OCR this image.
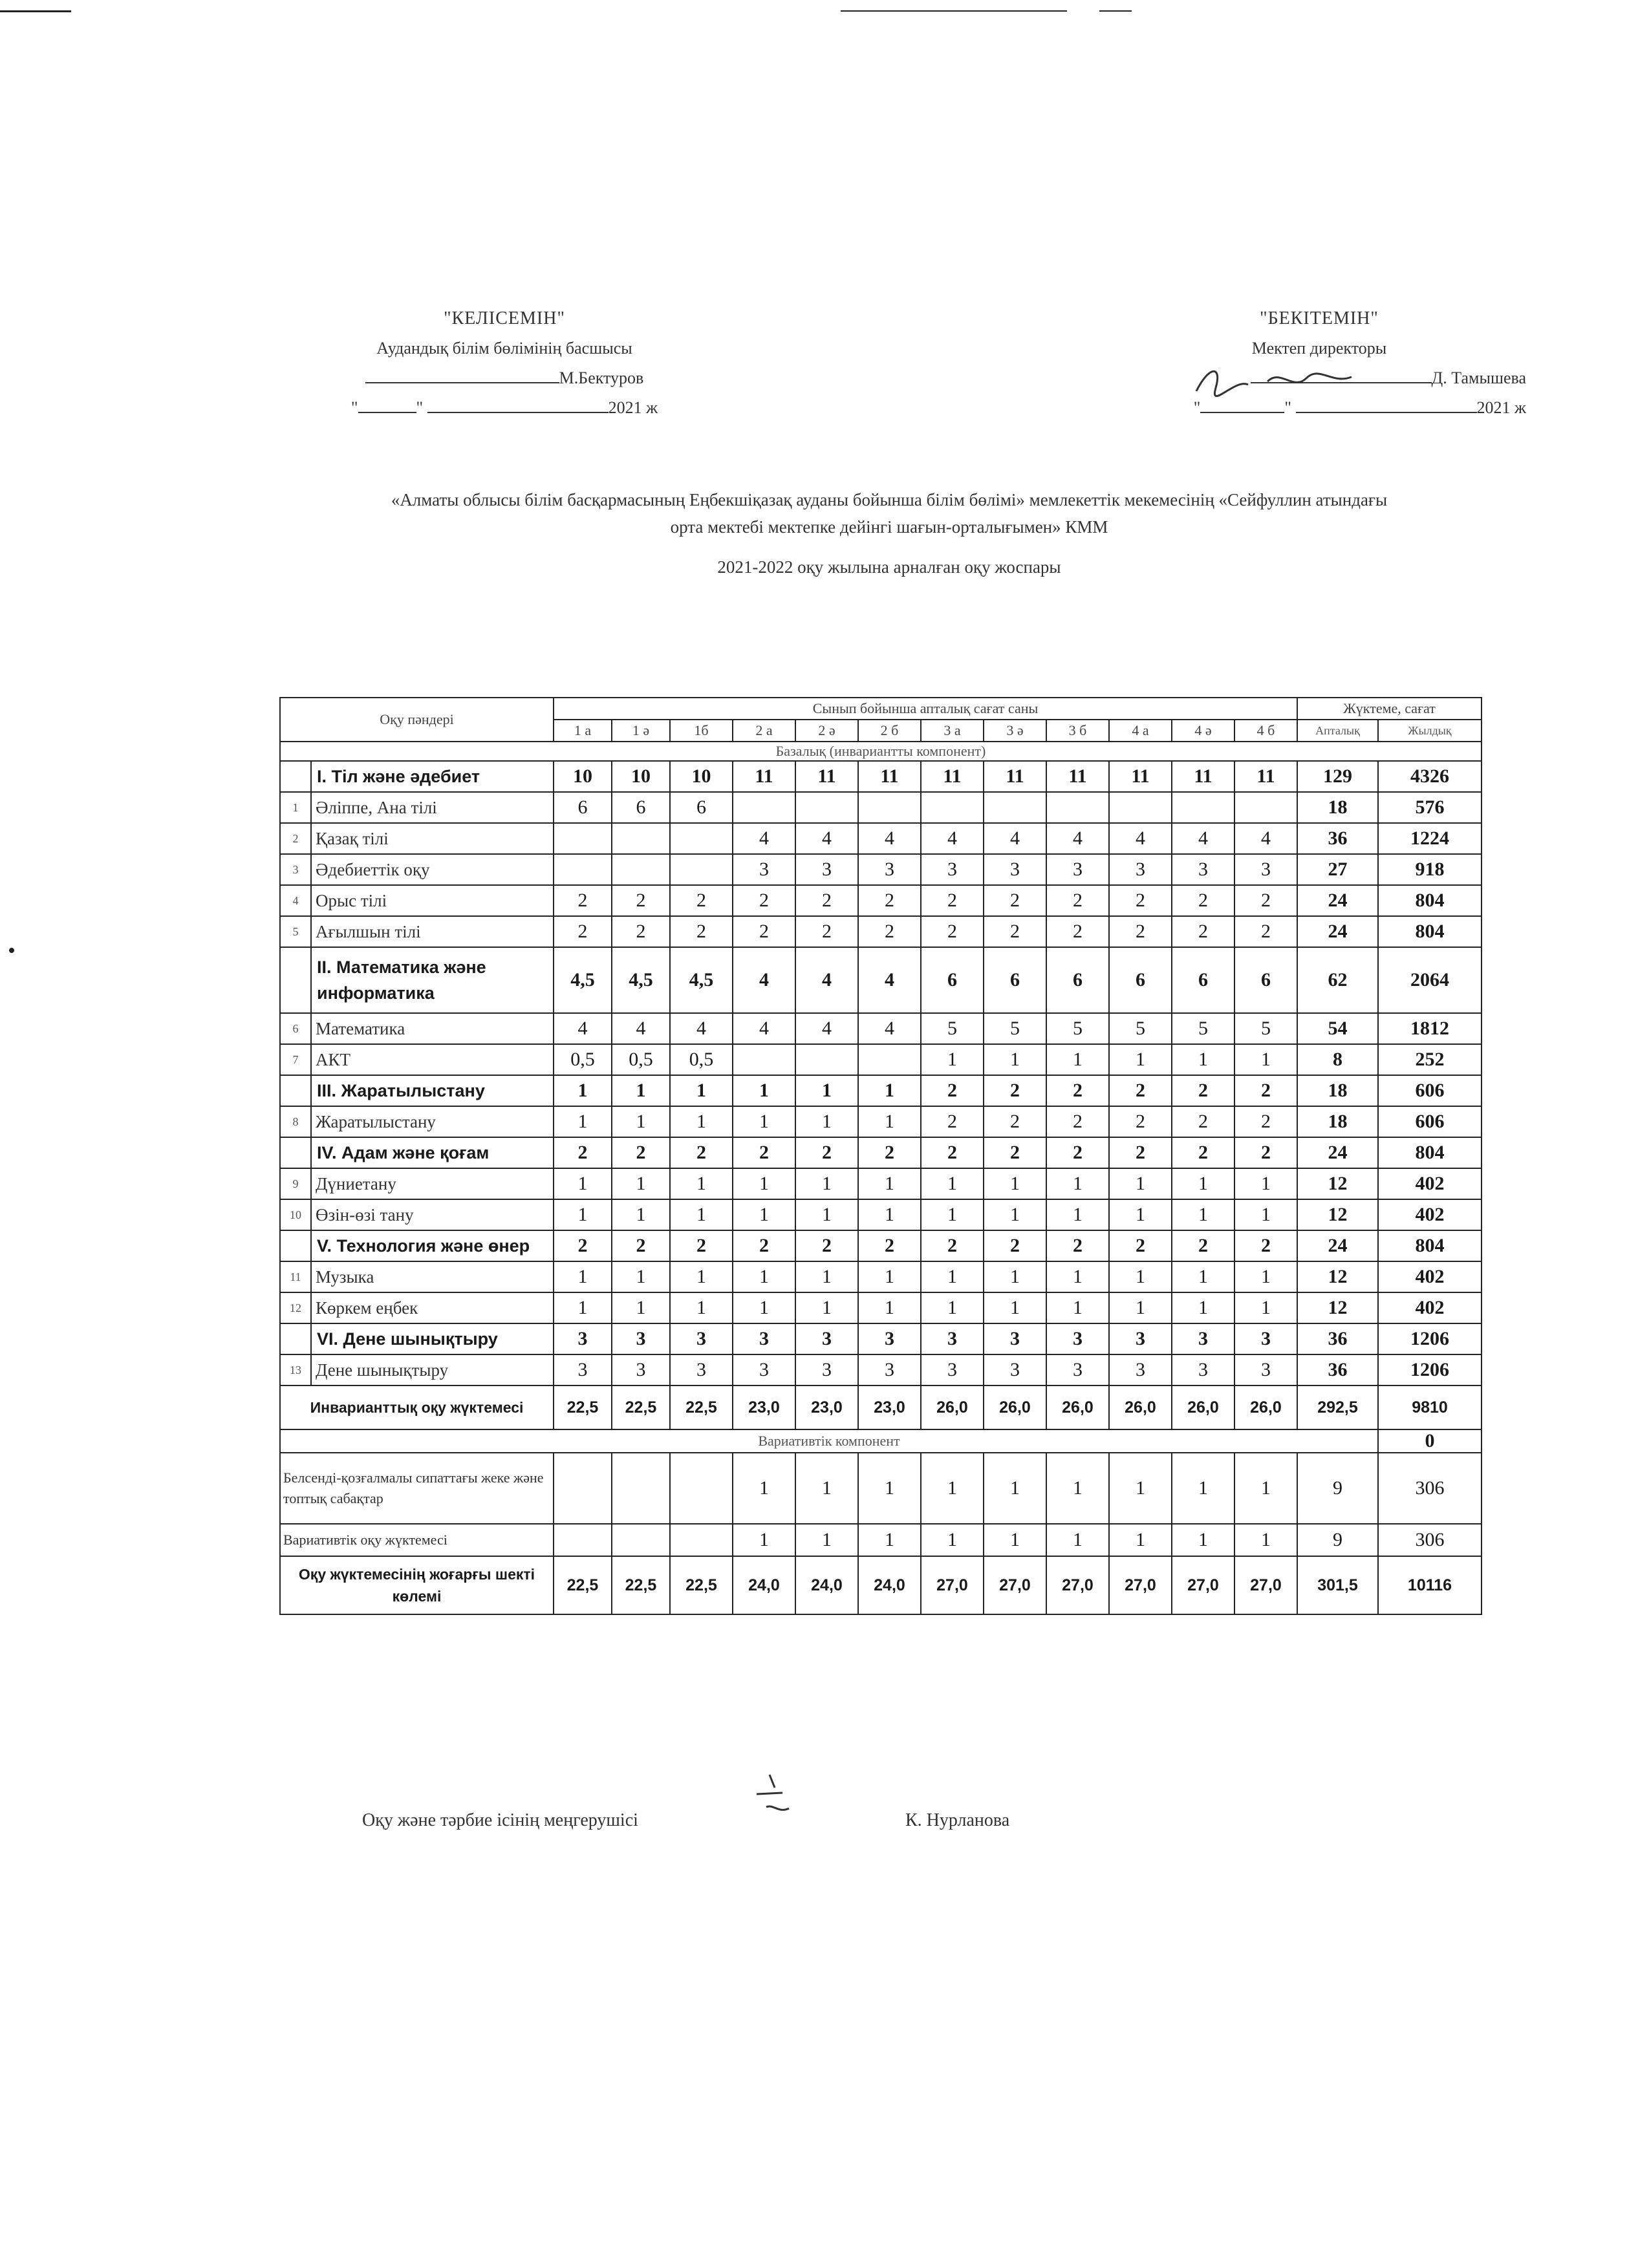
"КЕЛІСЕМІН"
Аудандық білім бөлімінің басшысы
М.Бектуров
"	"	2021 ж
"БЕКІТЕМІН"
Мектеп директоры
Д. Тамышева
"	"	2021 ж
«Алматы облысы білім басқармасының Еңбекшіқазақ ауданы бойынша білім бөлімі» мемлекеттік мекемесінің «Сейфуллин атындағы
орта мектебі мектепке дейінгі шағын-орталығымен» КММ
2021-2022 оқу жылына арналған оқу жоспары
Оқу пәндері		Сынып бойынша апталық сағат саны												Жүктеме, сағат	
		1 а	1 ә	1б	2 а	2 ә	2 б	3 а	3 ә	3 б	4 а	4 ә	4 б	Апталық	Жылдық
Базалық (инвариантты компонент)															
	І. Тіл және әдебиет	10	10	10	11	11	11	11	11	11	11	11	11	129	4326
1	Әліппе, Ана тілі	6	6	6										18	576
2	Қазақ тілі				4	4	4	4	4	4	4	4	4	36	1224
3	Әдебиеттік оқу				3	3	3	3	3	3	3	3	3	27	918
4	Орыс тілі	2	2	2	2	2	2	2	2	2	2	2	2	24	804
5	Ағылшын тілі	2	2	2	2	2	2	2	2	2	2	2	2	24	804
	ІІ. Математика және информатика	4,5	4,5	4,5	4	4	4	6	6	6	6	6	6	62	2064
6	Математика	4	4	4	4	4	4	5	5	5	5	5	5	54	1812
7	АКТ	0,5	0,5	0,5				1	1	1	1	1	1	8	252
	ІІІ. Жаратылыстану	1	1	1	1	1	1	2	2	2	2	2	2	18	606
8	Жаратылыстану	1	1	1	1	1	1	2	2	2	2	2	2	18	606
	ІV. Адам және қоғам	2	2	2	2	2	2	2	2	2	2	2	2	24	804
9	Дүниетану	1	1	1	1	1	1	1	1	1	1	1	1	12	402
10	Өзін-өзі тану	1	1	1	1	1	1	1	1	1	1	1	1	12	402
	V. Технология және өнер	2	2	2	2	2	2	2	2	2	2	2	2	24	804
11	Музыка	1	1	1	1	1	1	1	1	1	1	1	1	12	402
12	Көркем еңбек	1	1	1	1	1	1	1	1	1	1	1	1	12	402
	VI. Дене шынықтыру	3	3	3	3	3	3	3	3	3	3	3	3	36	1206
13	Дене шынықтыру	3	3	3	3	3	3	3	3	3	3	3	3	36	1206
Инварианттық оқу жүктемесі		22,5	22,5	22,5	23,0	23,0	23,0	26,0	26,0	26,0	26,0	26,0	26,0	292,5	9810
Вариативтік компонент															0
Белсенді-қозғалмалы сипаттағы жеке және топтық сабақтар					1	1	1	1	1	1	1	1	1	9	306
Вариативтік оқу жүктемесі					1	1	1	1	1	1	1	1	1	9	306
Оқу жүктемесінің жоғарғы шекті көлемі		22,5	22,5	22,5	24,0	24,0	24,0	27,0	27,0	27,0	27,0	27,0	27,0	301,5	10116
Оқу және тәрбие ісінің меңгерушісі	К. Нурланова
